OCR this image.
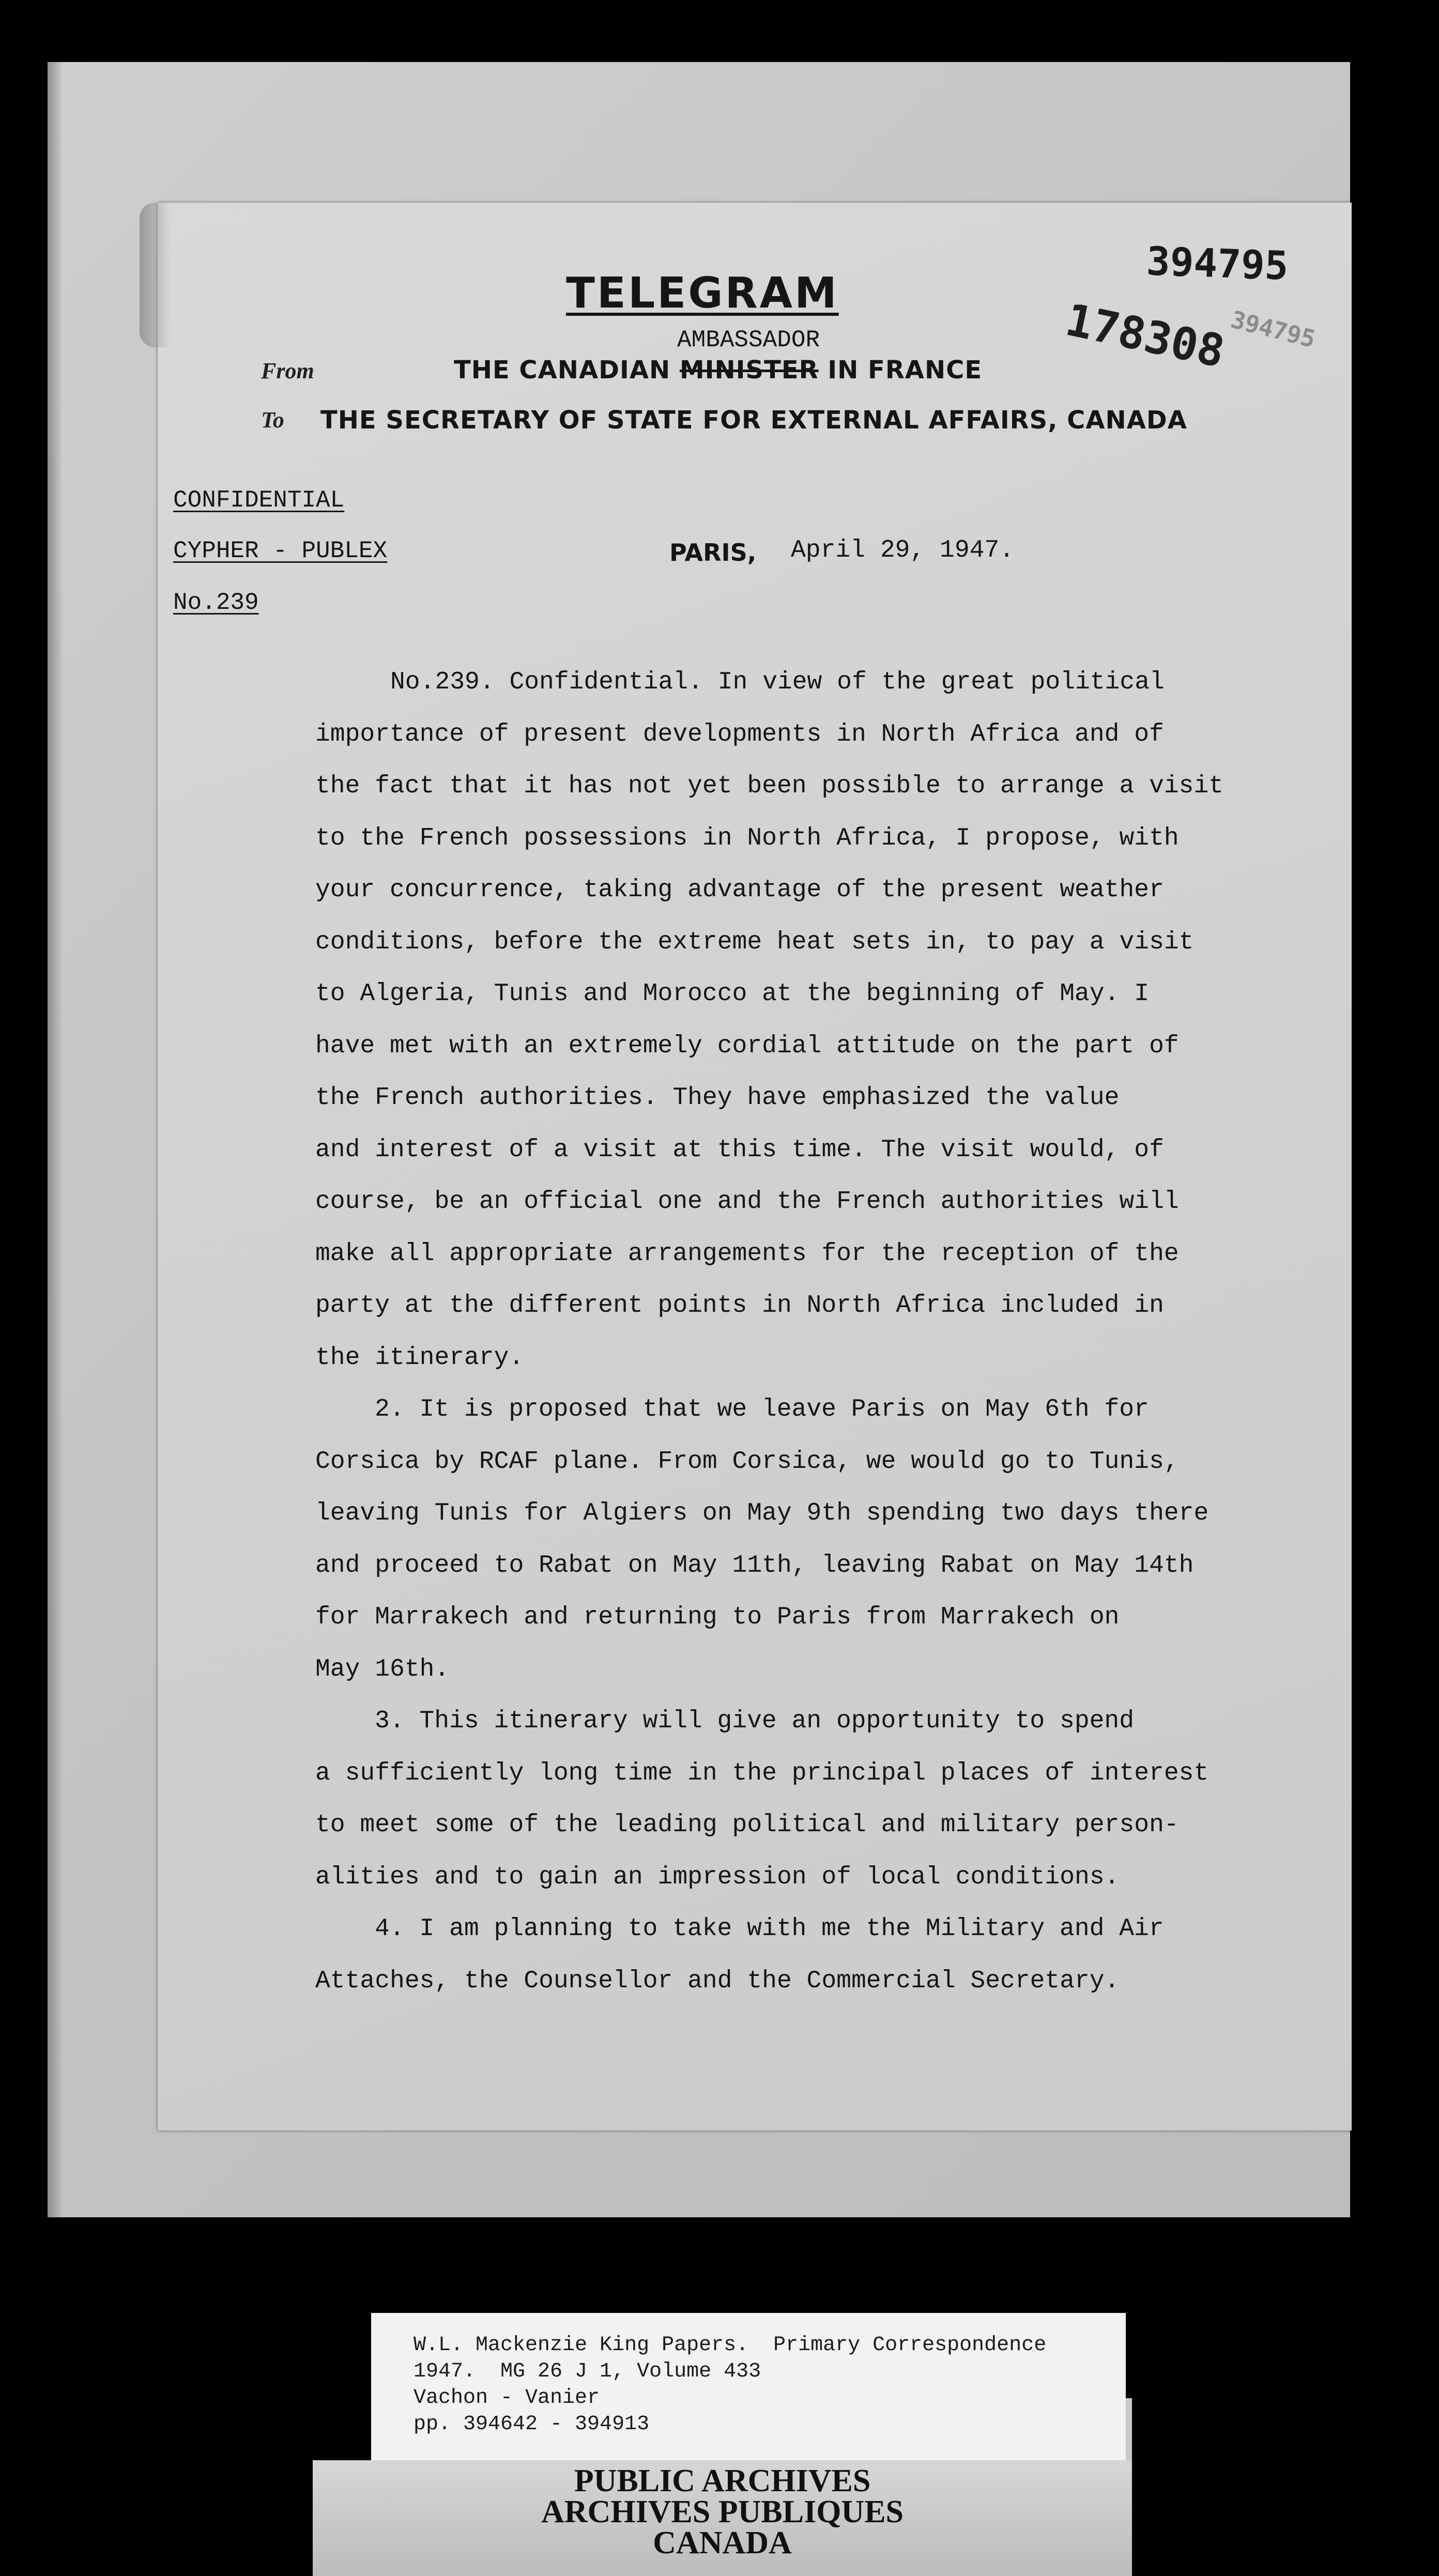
TELEGRAM
394795
178308
394795
From	THE CANADIAN MINISTER IN FRANCE
AMBASSADOR
To THE SECRETARY OF STATE FOR EXTERNAL AFFAIRS, CANADA
CONFIDENTIAL
CYPHER - PUBLEX
No.239
PARIS, April 29, 1947.
No.239. Confidential. In view of the great political
importance of present developments in North Africa and of
the fact that it has not yet been possible to arrange a visit
to the French possessions in North Africa, I propose, with
your concurrence, taking advantage of the present weather
conditions, before the extreme heat sets in, to pay a visit
to Algeria, Tunis and Morocco at the beginning of May. I
have met with an extremely cordial attitude on the part of
the French authorities. They have emphasized the value
and interest of a visit at this time. The visit would, of
course, be an official one and the French authorities will
make all appropriate arrangements for the reception of the
party at the different points in North Africa included in
the itinerary.
2. It is proposed that we leave Paris on May 6th for
Corsica by RCAF plane. From Corsica, we would go to Tunis,
leaving Tunis for Algiers on May 9th spending two days there
and proceed to Rabat on May 11th, leaving Rabat on May 14th
for Marrakech and returning to Paris from Marrakech on
May 16th.
3. This itinerary will give an opportunity to spend
a sufficiently long time in the principal places of interest
to meet some of the leading political and military person-
alities and to gain an impression of local conditions.
4. I am planning to take with me the Military and Air
Attaches, the Counsellor and the Commercial Secretary.
W.L. Mackenzie King Papers.  Primary Correspondence
1947.  MG 26 J 1, Volume 433
Vachon - Vanier
pp. 394642 - 394913
PUBLIC ARCHIVES
ARCHIVES PUBLIQUES
CANADA
